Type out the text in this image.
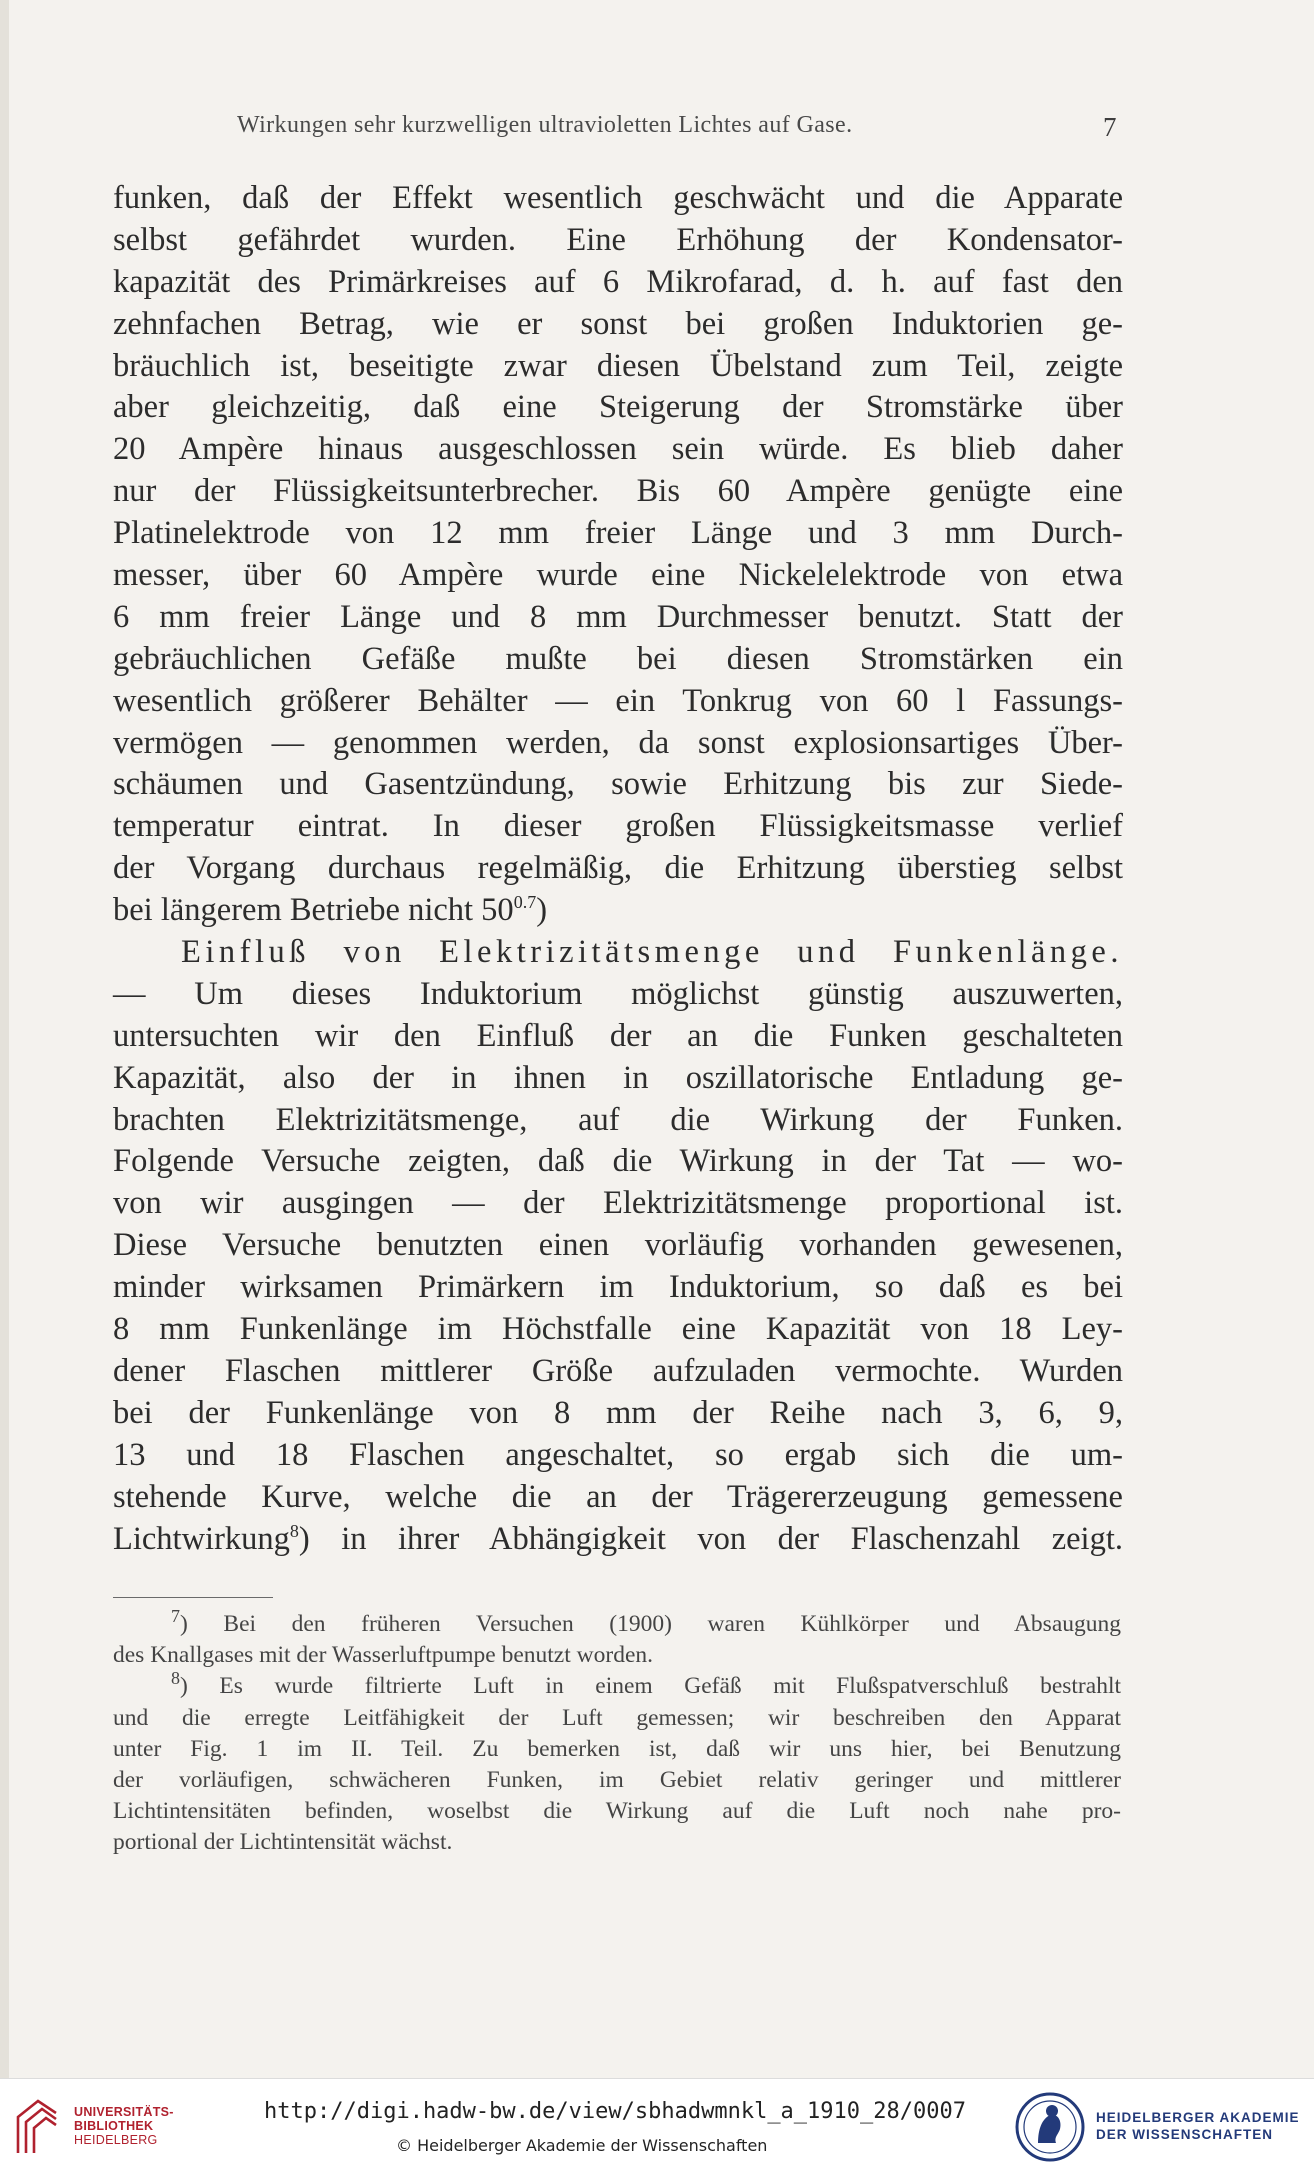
Wirkungen sehr kurzwelligen ultravioletten Lichtes auf Gase.	7
funken, daß der Effekt wesentlich geschwächt und die Apparate
selbst gefährdet wurden. Eine Erhöhung der Kondensator-
kapazität des Primärkreises auf 6 Mikrofarad, d. h. auf fast den
zehnfachen Betrag, wie er sonst bei großen Induktorien ge-
bräuchlich ist, beseitigte zwar diesen Übelstand zum Teil, zeigte
aber gleichzeitig, daß eine Steigerung der Stromstärke über
20 Ampère hinaus ausgeschlossen sein würde. Es blieb daher
nur der Flüssigkeitsunterbrecher. Bis 60 Ampère genügte eine
Platinelektrode von 12 mm freier Länge und 3 mm Durch-
messer, über 60 Ampère wurde eine Nickelelektrode von etwa
6 mm freier Länge und 8 mm Durchmesser benutzt. Statt der
gebräuchlichen Gefäße mußte bei diesen Stromstärken ein
wesentlich größerer Behälter — ein Tonkrug von 60 l Fassungs-
vermögen — genommen werden, da sonst explosionsartiges Über-
schäumen und Gasentzündung, sowie Erhitzung bis zur Siede-
temperatur eintrat. In dieser großen Flüssigkeitsmasse verlief
der Vorgang durchaus regelmäßig, die Erhitzung überstieg selbst
bei längerem Betriebe nicht $50^{0.7}$)
Einfluß von Elektrizitätsmenge und Funkenlänge.
— Um dieses Induktorium möglichst günstig auszuwerten,
untersuchten wir den Einfluß der an die Funken geschalteten
Kapazität, also der in ihnen in oszillatorische Entladung ge-
brachten Elektrizitätsmenge, auf die Wirkung der Funken.
Folgende Versuche zeigten, daß die Wirkung in der Tat — wo-
von wir ausgingen — der Elektrizitätsmenge proportional ist.
Diese Versuche benutzten einen vorläufig vorhanden gewesenen,
minder wirksamen Primärkern im Induktorium, so daß es bei
8 mm Funkenlänge im Höchstfalle eine Kapazität von 18 Ley-
dener Flaschen mittlerer Größe aufzuladen vermochte. Wurden
bei der Funkenlänge von 8 mm der Reihe nach 3, 6, 9,
13 und 18 Flaschen angeschaltet, so ergab sich die um-
stehende Kurve, welche die an der Trägererzeugung gemessene
Lichtwirkung$^8$) in ihrer Abhängigkeit von der Flaschenzahl zeigt.
$^7$) Bei den früheren Versuchen (1900) waren Kühlkörper und Absaugung
des Knallgases mit der Wasserluftpumpe benutzt worden.
$^8$) Es wurde filtrierte Luft in einem Gefäß mit Flußspatverschluß bestrahlt
und die erregte Leitfähigkeit der Luft gemessen; wir beschreiben den Apparat
unter Fig. 1 im II. Teil. Zu bemerken ist, daß wir uns hier, bei Benutzung
der vorläufigen, schwächeren Funken, im Gebiet relativ geringer und mittlerer
Lichtintensitäten befinden, woselbst die Wirkung auf die Luft noch nahe pro-
portional der Lichtintensität wächst.
UNIVERSITÄTS-
BIBLIOTHEK
HEIDELBERG
http://digi.hadw-bw.de/view/sbhadwmnkl_a_1910_28/0007
© Heidelberger Akademie der Wissenschaften
HEIDELBERGER AKADEMIE
DER WISSENSCHAFTEN
